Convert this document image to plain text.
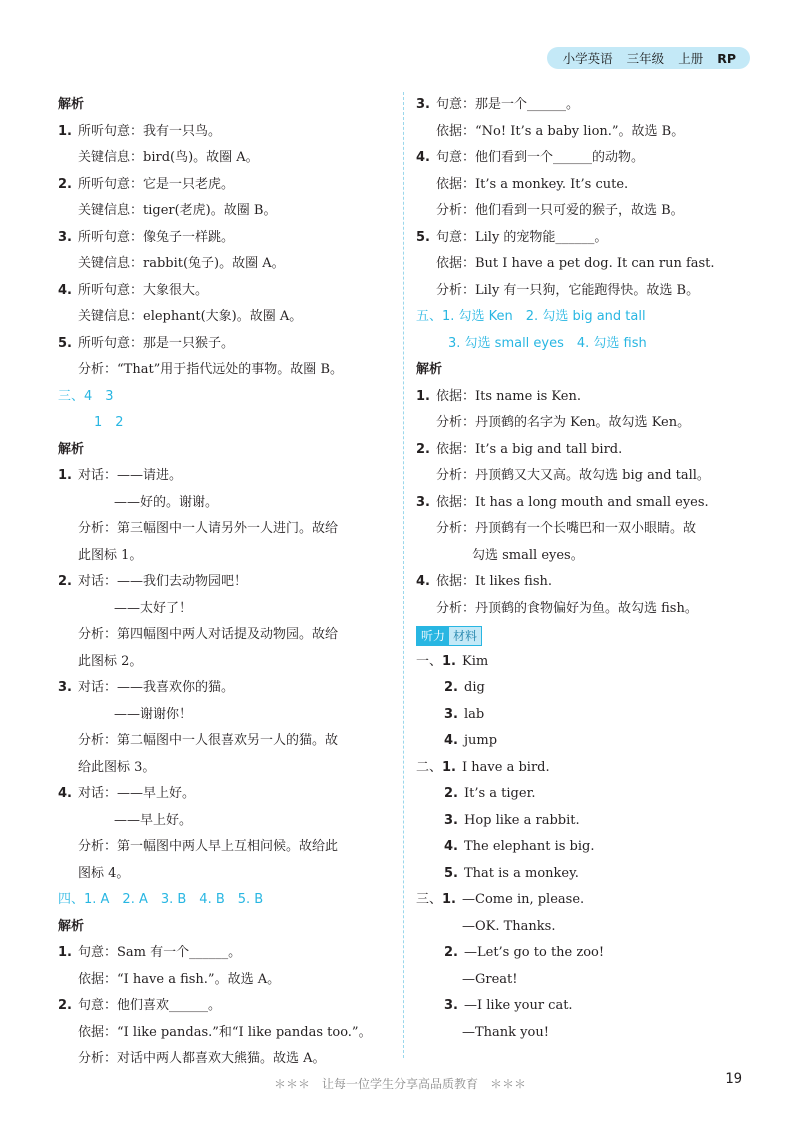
小学英语 三年级 上册 RP
解析
1. 所听句意：我有一只鸟。
关键信息：bird(鸟)。故圈 A。
2. 所听句意：它是一只老虎。
关键信息：tiger(老虎)。故圈 B。
3. 所听句意：像兔子一样跳。
关键信息：rabbit(兔子)。故圈 A。
4. 所听句意：大象很大。
关键信息：elephant(大象)。故圈 A。
5. 所听句意：那是一只猴子。
分析：“That”用于指代远处的事物。故圈 B。
三、4　3
1　2
解析
1. 对话：——请进。
——好的。谢谢。
分析：第三幅图中一人请另外一人进门。故给
此图标 1。
2. 对话：——我们去动物园吧！
——太好了！
分析：第四幅图中两人对话提及动物园。故给
此图标 2。
3. 对话：——我喜欢你的猫。
——谢谢你！
分析：第二幅图中一人很喜欢另一人的猫。故
给此图标 3。
4. 对话：——早上好。
——早上好。
分析：第一幅图中两人早上互相问候。故给此
图标 4。
四、1. A　2. A　3. B　4. B　5. B
解析
1. 句意：Sam 有一个______。
依据：“I have a fish.”。故选 A。
2. 句意：他们喜欢______。
依据：“I like pandas.”和“I like pandas too.”。
分析：对话中两人都喜欢大熊猫。故选 A。
3. 句意：那是一个______。
依据：“No! It’s a baby lion.”。故选 B。
4. 句意：他们看到一个______的动物。
依据：It’s a monkey. It’s cute.
分析：他们看到一只可爱的猴子，故选 B。
5. 句意：Lily 的宠物能______。
依据：But I have a pet dog. It can run fast.
分析：Lily 有一只狗，它能跑得快。故选 B。
五、1. 勾选 Ken　2. 勾选 big and tall
3. 勾选 small eyes　4. 勾选 fish
解析
1. 依据：Its name is Ken.
分析：丹顶鹤的名字为 Ken。故勾选 Ken。
2. 依据：It’s a big and tall bird.
分析：丹顶鹤又大又高。故勾选 big and tall。
3. 依据：It has a long mouth and small eyes.
分析：丹顶鹤有一个长嘴巴和一双小眼睛。故
勾选 small eyes。
4. 依据：It likes fish.
分析：丹顶鹤的食物偏好为鱼。故勾选 fish。
听力 材料
一、1. Kim
2. dig
3. lab
4. jump
二、1. I have a bird.
2. It’s a tiger.
3. Hop like a rabbit.
4. The elephant is big.
5. That is a monkey.
三、1. —Come in, please.
—OK. Thanks.
2. —Let’s go to the zoo!
—Great!
3. —I like your cat.
—Thank you!
＊＊＊　让每一位学生分享高品质教育　＊＊＊	19
